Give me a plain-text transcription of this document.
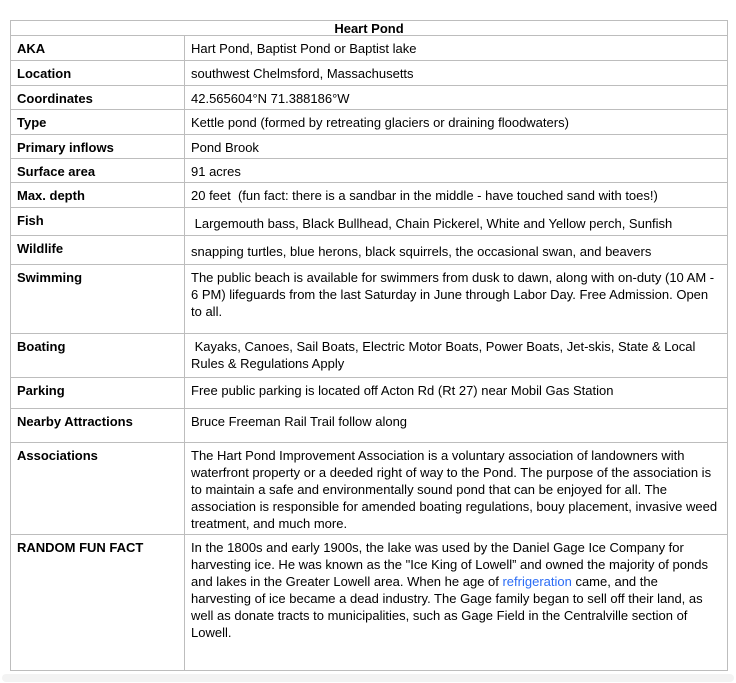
Heart Pond	
AKA	Hart Pond, Baptist Pond or Baptist lake
Location	southwest Chelmsford, Massachusetts
Coordinates	42.565604°N 71.388186°W
Type	Kettle pond (formed by retreating glaciers or draining floodwaters)
Primary inflows	Pond Brook
Surface area	91 acres
Max. depth	20 feet  (fun fact: there is a sandbar in the middle - have touched sand with toes!)
Fish	Largemouth bass, Black Bullhead, Chain Pickerel, White and Yellow perch, Sunfish
Wildlife	snapping turtles, blue herons, black squirrels, the occasional swan, and beavers
Swimming	The public beach is available for swimmers from dusk to dawn, along with on-duty (10 AM - 6 PM) lifeguards from the last Saturday in June through Labor Day. Free Admission. Open to all.
Boating	Kayaks, Canoes, Sail Boats, Electric Motor Boats, Power Boats, Jet-skis, State & Local Rules & Regulations Apply
Parking	Free public parking is located off Acton Rd (Rt 27) near Mobil Gas Station
Nearby Attractions	Bruce Freeman Rail Trail follow along
Associations	The Hart Pond Improvement Association is a voluntary association of landowners with waterfront property or a deeded right of way to the Pond. The purpose of the association is to maintain a safe and environmentally sound pond that can be enjoyed for all. The association is responsible for amended boating regulations, bouy placement, invasive weed treatment, and much more.
RANDOM FUN FACT	In the 1800s and early 1900s, the lake was used by the Daniel Gage Ice Company for harvesting ice. He was known as the "Ice King of Lowell” and owned the majority of ponds and lakes in the Greater Lowell area. When he age of refrigeration came, and the harvesting of ice became a dead industry. The Gage family began to sell off their land, as well as donate tracts to municipalities, such as Gage Field in the Centralville section of Lowell.
